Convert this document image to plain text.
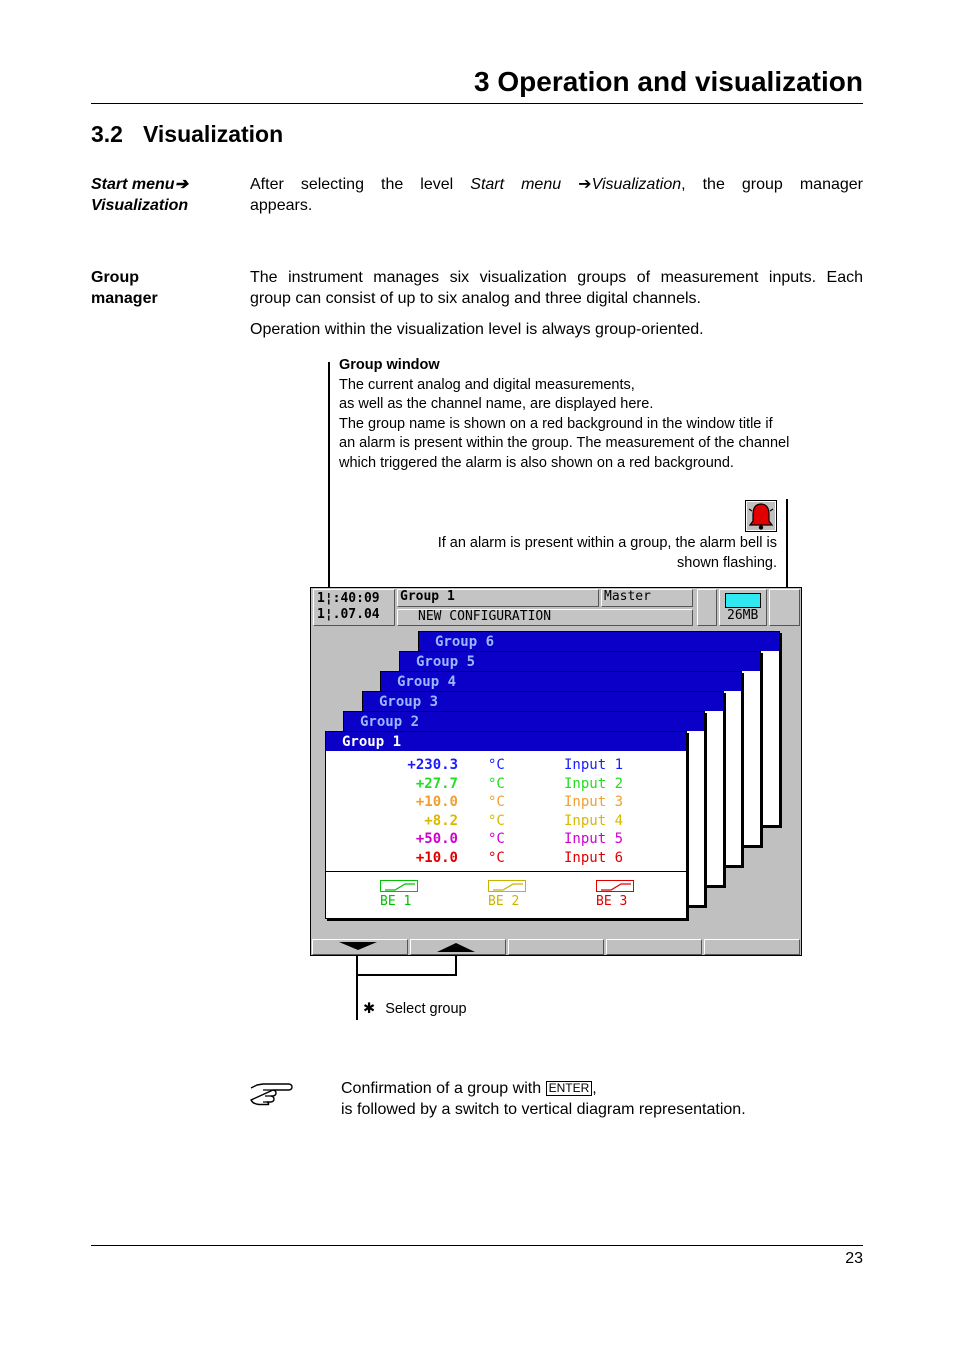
3 Operation and visualization
3.2 Visualization
Start menu➔
Visualization
After selecting the level Start menu ➔Visualization, the group manager
appears.
Group
manager
The instrument manages six visualization groups of measurement inputs. Each
group can consist of up to six analog and three digital channels.
Operation within the visualization level is always group-oriented.
Group window
The current analog and digital measurements,
as well as the channel name, are displayed here.
The group name is shown on a red background in the window title if
an alarm is present within the group. The measurement of the channel
which triggered the alarm is also shown on a red background.
If an alarm is present within a group, the alarm bell is
shown flashing.
1¦:40:09
1¦.07.04
Group 1	Master
NEW CONFIGURATION	26MB
Group 6
Group 5
Group 4
Group 3
Group 2
Group 1
+230.3 °C	Input 1
+27.7 °C	Input 2
+10.0 °C	Input 3
+8.2 °C	Input 4
+50.0 °C	Input 5
+10.0 °C	Input 6
BE 1	BE 2	BE 3
✱ Select group
Confirmation of a group with ENTER ,
is followed by a switch to vertical diagram representation.
23
